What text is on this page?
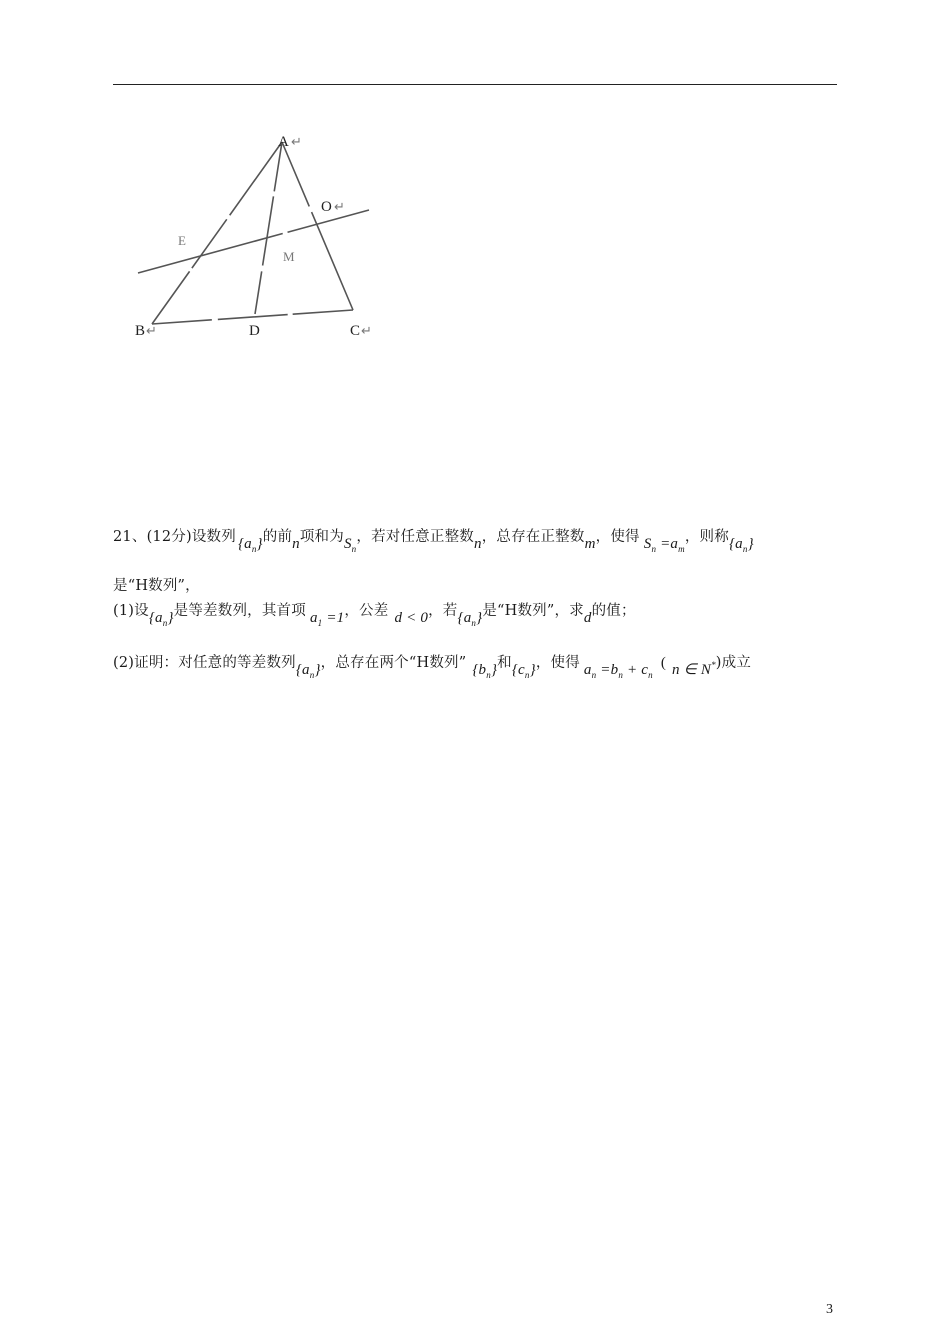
A ↵
O ↵
E
M
B ↵	D	C ↵
21、(12分)设数列 $\{a_n\}$的前n项和为$S_n$，若对任意正整数n，总存在正整数m，使得 $S_n =a_m$，则称$\{a_n\}$
是“H数列”，
(1)设$\{a_n\}$是等差数列，其首项 $a_1 =1$，公差 d < 0，若$\{a_n\}$是“H数列”，求d的值；
(2)证明：对任意的等差数列$\{a_n\}$，总存在两个“H数列” $\{b_n\}$和$\{c_n\}$，使得 $a_n =b_n + c_n$( n ∈ N*)成立
3
